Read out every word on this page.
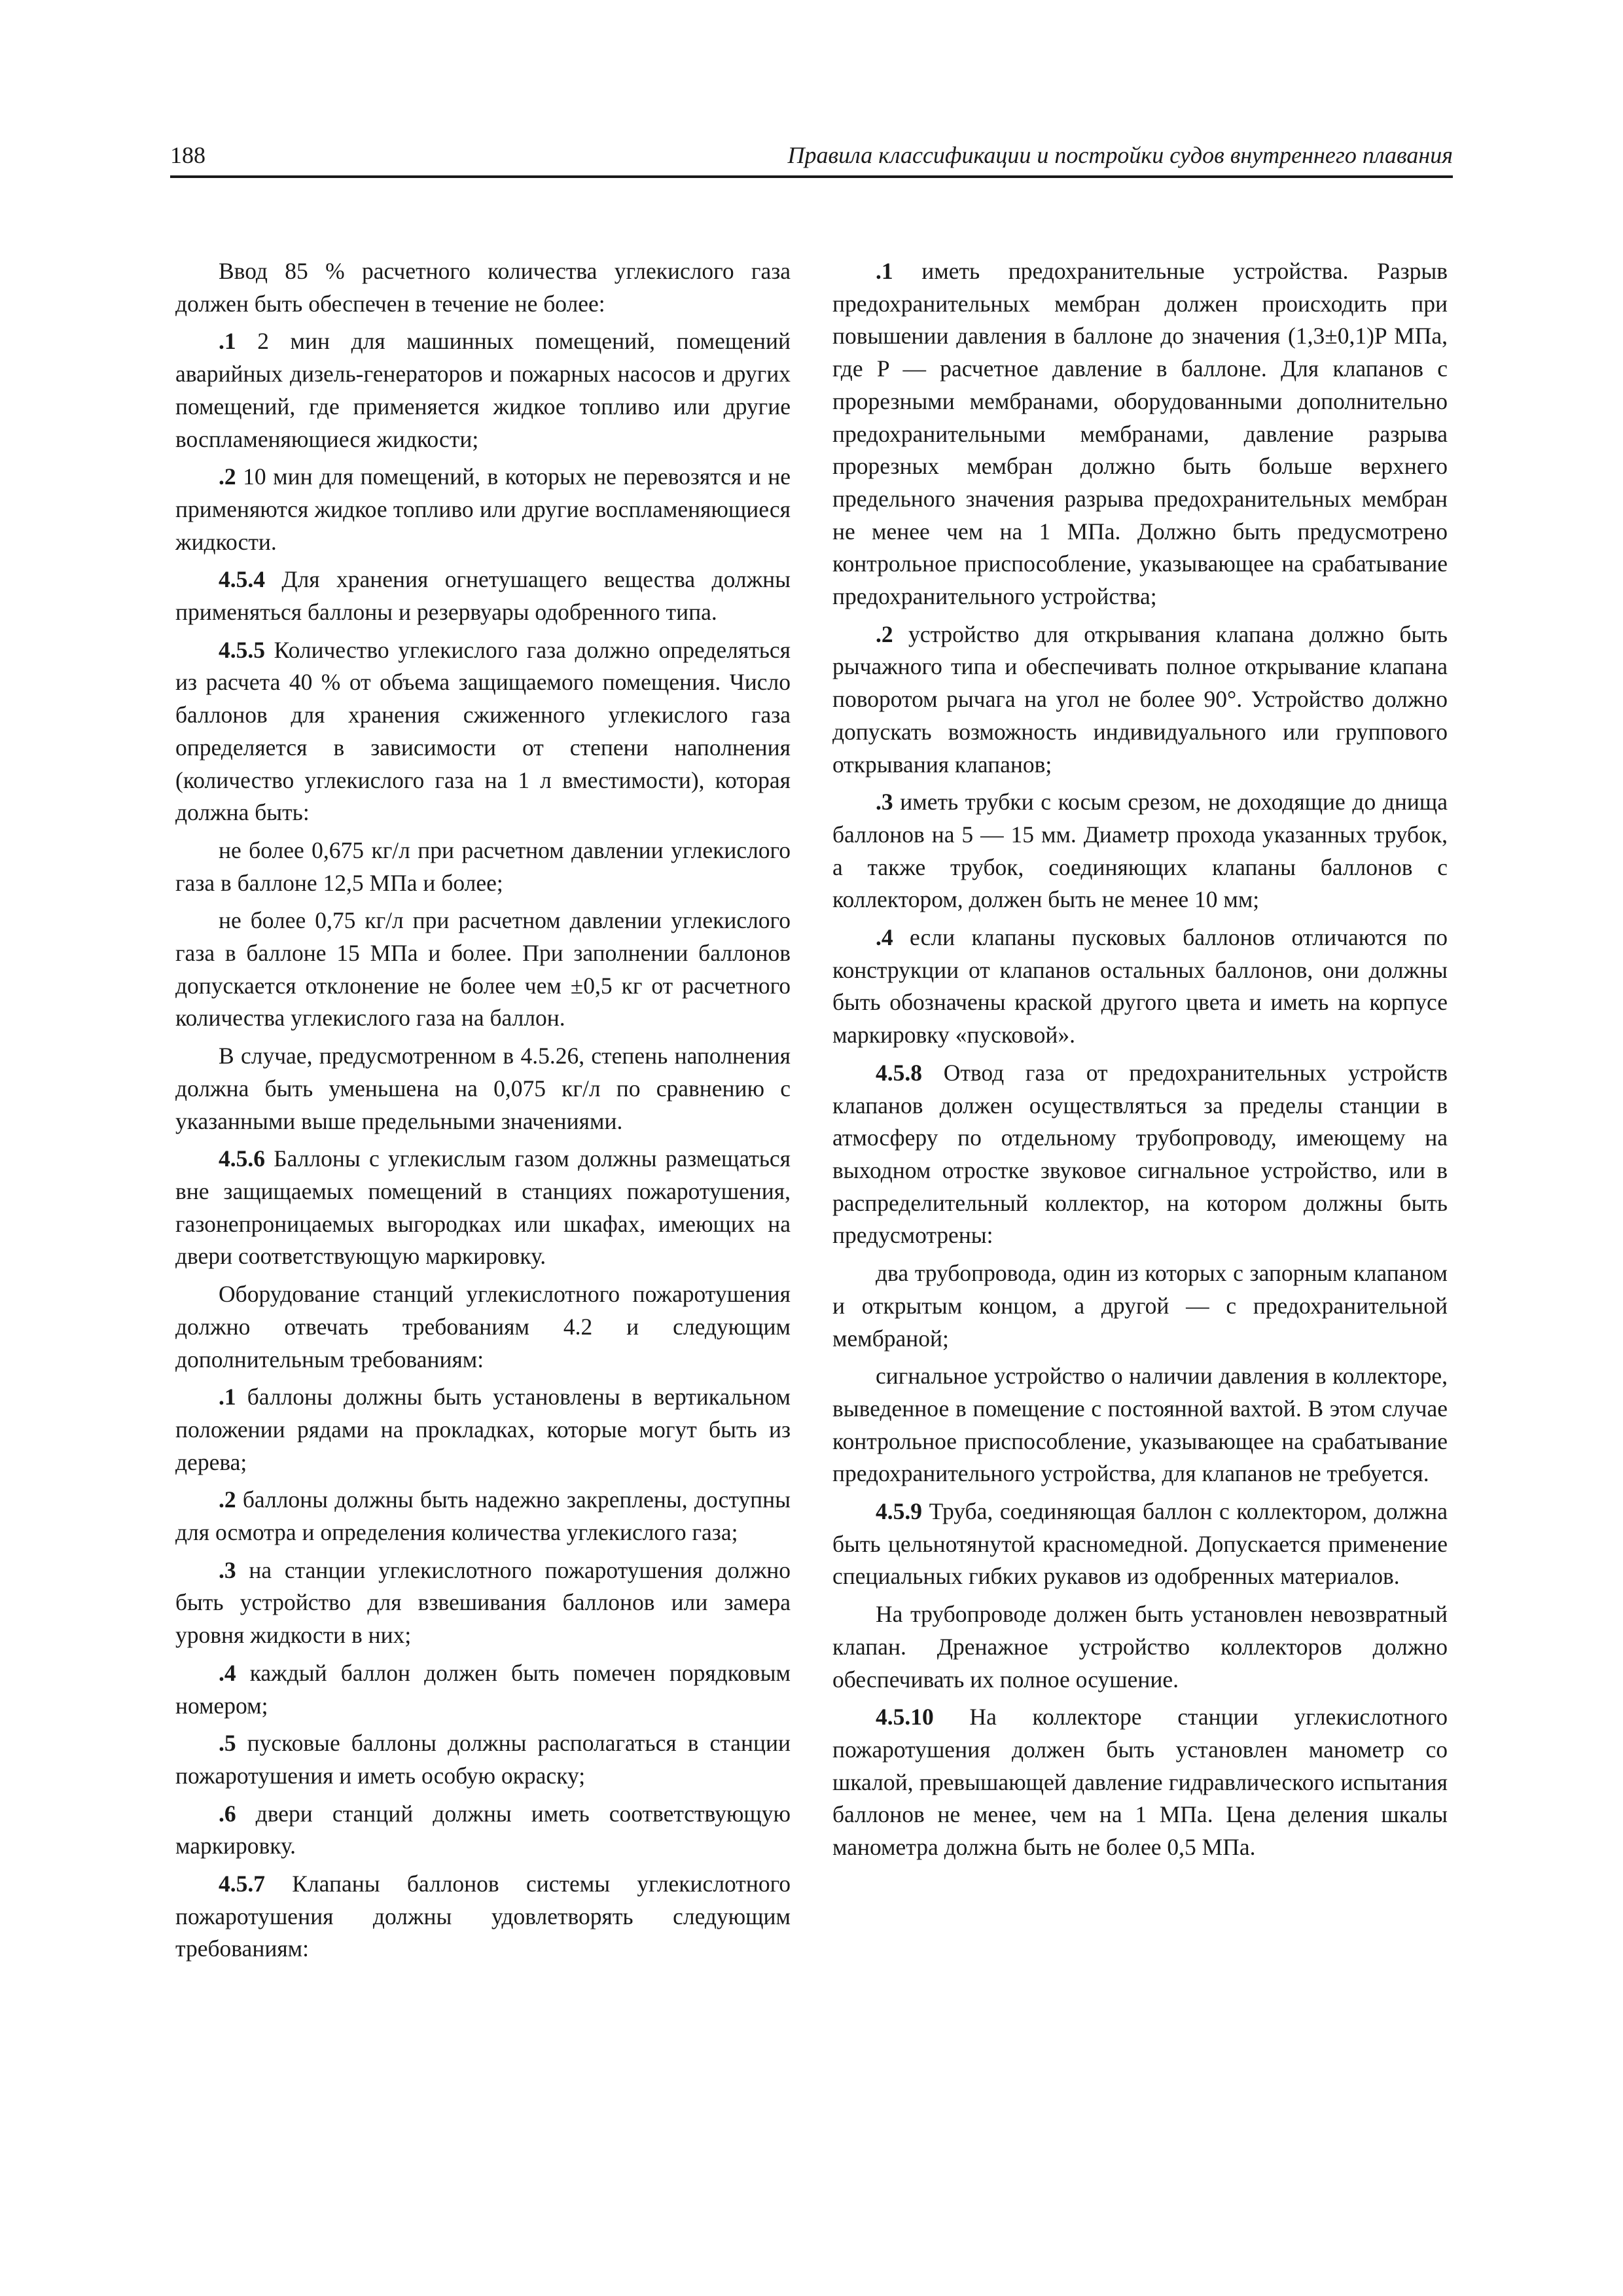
188	Правила классификации и постройки судов внутреннего плавания

Ввод 85 % расчетного количества углекислого газа должен быть обеспечен в течение не более:

.1 2 мин для машинных помещений, помещений аварийных дизель-генераторов и пожарных насосов и других помещений, где применяется жидкое топливо или другие воспламеняющиеся жидкости;

.2 10 мин для помещений, в которых не перевозятся и не применяются жидкое топливо или другие воспламеняющиеся жидкости.

4.5.4 Для хранения огнетушащего вещества должны применяться баллоны и резервуары одобренного типа.

4.5.5 Количество углекислого газа должно определяться из расчета 40 % от объема защищаемого помещения. Число баллонов для хранения сжиженного углекислого газа определяется в зависимости от степени наполнения (количество углекислого газа на 1 л вместимости), которая должна быть:

не более 0,675 кг/л при расчетном давлении углекислого газа в баллоне 12,5 МПа и более;

не более 0,75 кг/л при расчетном давлении углекислого газа в баллоне 15 МПа и более. При заполнении баллонов допускается отклонение не более чем ±0,5 кг от расчетного количества углекислого газа на баллон.

В случае, предусмотренном в 4.5.26, степень наполнения должна быть уменьшена на 0,075 кг/л по сравнению с указанными выше предельными значениями.

4.5.6 Баллоны с углекислым газом должны размещаться вне защищаемых помещений в станциях пожаротушения, газонепроницаемых выгородках или шкафах, имеющих на двери соответствующую маркировку.

Оборудование станций углекислотного пожаротушения должно отвечать требованиям 4.2 и следующим дополнительным требованиям:

.1 баллоны должны быть установлены в вертикальном положении рядами на прокладках, которые могут быть из дерева;

.2 баллоны должны быть надежно закреплены, доступны для осмотра и определения количества углекислого газа;

.3 на станции углекислотного пожаротушения должно быть устройство для взвешивания баллонов или замера уровня жидкости в них;

.4 каждый баллон должен быть помечен порядковым номером;

.5 пусковые баллоны должны располагаться в станции пожаротушения и иметь особую окраску;

.6 двери станций должны иметь соответствующую маркировку.

4.5.7 Клапаны баллонов системы углекислотного пожаротушения должны удовлетворять следующим требованиям:

.1 иметь предохранительные устройства. Разрыв предохранительных мембран должен происходить при повышении давления в баллоне до значения (1,3±0,1)P МПа, где P — расчетное давление в баллоне. Для клапанов с прорезными мембранами, оборудованными дополнительно предохранительными мембранами, давление разрыва прорезных мембран должно быть больше верхнего предельного значения разрыва предохранительных мембран не менее чем на 1 МПа. Должно быть предусмотрено контрольное приспособление, указывающее на срабатывание предохранительного устройства;

.2 устройство для открывания клапана должно быть рычажного типа и обеспечивать полное открывание клапана поворотом рычага на угол не более 90°. Устройство должно допускать возможность индивидуального или группового открывания клапанов;

.3 иметь трубки с косым срезом, не доходящие до днища баллонов на 5 — 15 мм. Диаметр прохода указанных трубок, а также трубок, соединяющих клапаны баллонов с коллектором, должен быть не менее 10 мм;

.4 если клапаны пусковых баллонов отличаются по конструкции от клапанов остальных баллонов, они должны быть обозначены краской другого цвета и иметь на корпусе маркировку «пусковой».

4.5.8 Отвод газа от предохранительных устройств клапанов должен осуществляться за пределы станции в атмосферу по отдельному трубопроводу, имеющему на выходном отростке звуковое сигнальное устройство, или в распределительный коллектор, на котором должны быть предусмотрены:

два трубопровода, один из которых с запорным клапаном и открытым концом, а другой — с предохранительной мембраной;

сигнальное устройство о наличии давления в коллекторе, выведенное в помещение с постоянной вахтой. В этом случае контрольное приспособление, указывающее на срабатывание предохранительного устройства, для клапанов не требуется.

4.5.9 Труба, соединяющая баллон с коллектором, должна быть цельнотянутой красномедной. Допускается применение специальных гибких рукавов из одобренных материалов.

На трубопроводе должен быть установлен невозвратный клапан. Дренажное устройство коллекторов должно обеспечивать их полное осушение.

4.5.10 На коллекторе станции углекислотного пожаротушения должен быть установлен манометр со шкалой, превышающей давление гидравлического испытания баллонов не менее, чем на 1 МПа. Цена деления шкалы манометра должна быть не более 0,5 МПа.
